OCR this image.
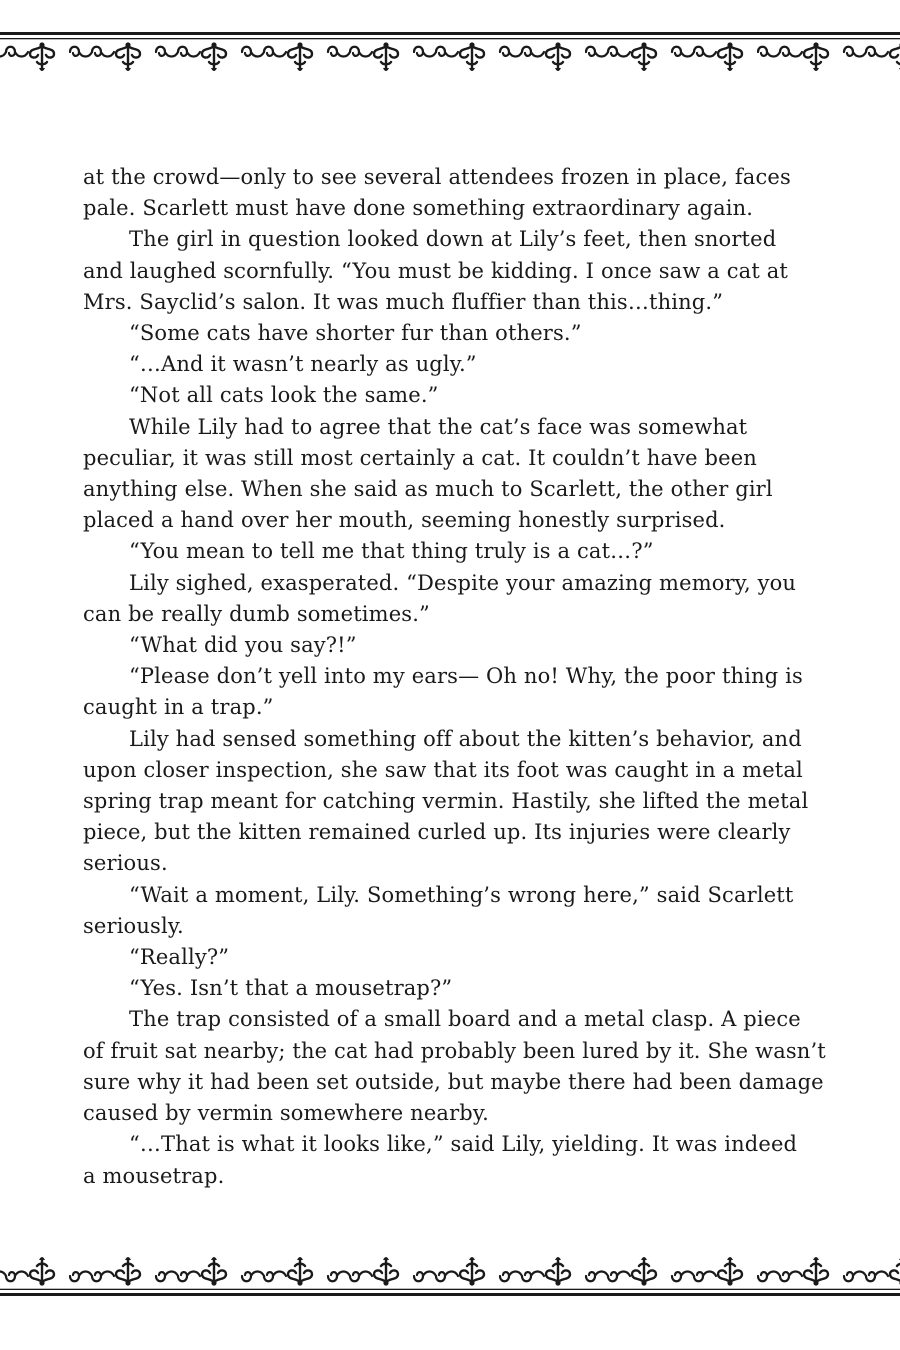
at the crowd—only to see several attendees frozen in place, faces

pale. Scarlett must have done something extraordinary again.

The girl in question looked down at Lily’s feet, then snorted

and laughed scornfully. “You must be kidding. I once saw a cat at

Mrs. Sayclid’s salon. It was much fluffier than this…thing.”

“Some cats have shorter fur than others.”

“…And it wasn’t nearly as ugly.”

“Not all cats look the same.”

While Lily had to agree that the cat’s face was somewhat

peculiar, it was still most certainly a cat. It couldn’t have been

anything else. When she said as much to Scarlett, the other girl

placed a hand over her mouth, seeming honestly surprised.

“You mean to tell me that thing truly is a cat…?”

Lily sighed, exasperated. “Despite your amazing memory, you

can be really dumb sometimes.”

“What did you say?!”

“Please don’t yell into my ears— Oh no! Why, the poor thing is

caught in a trap.”

Lily had sensed something off about the kitten’s behavior, and

upon closer inspection, she saw that its foot was caught in a metal

spring trap meant for catching vermin. Hastily, she lifted the metal

piece, but the kitten remained curled up. Its injuries were clearly

serious.

“Wait a moment, Lily. Something’s wrong here,” said Scarlett

seriously.

“Really?”

“Yes. Isn’t that a mousetrap?”

The trap consisted of a small board and a metal clasp. A piece

of fruit sat nearby; the cat had probably been lured by it. She wasn’t

sure why it had been set outside, but maybe there had been damage

caused by vermin somewhere nearby.

“…That is what it looks like,” said Lily, yielding. It was indeed

a mousetrap.
